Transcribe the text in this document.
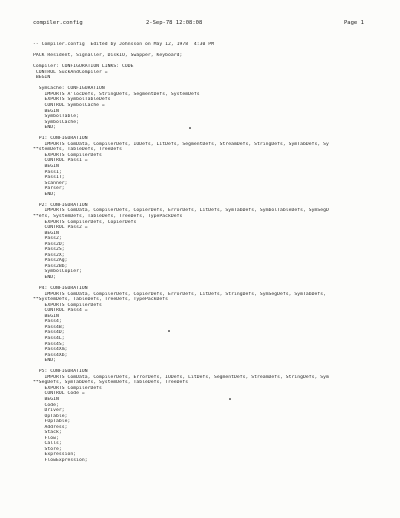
compiler.config	2-Sep-78 12:08:08	Page 1
-- Compiler.config  Edited by Johnsson on May 12, 1978  4:30 PM

PACK Resident, Signaller, DiskIO, Swapper, Keyboard;

Compiler: CONFIGURATION LINKS: CODE
CONTROL SuckAndCompiler =
BEGIN

SymCache: CONFIGURATION
IMPORTS A'locDefs, StringDefs, SegmentDefs, SystemDefs
EXPORTS SymbolTableDefs
CONTROL SymbolCache =
BEGIN
SymbolTable;
SymbolCache;
END;

P1: CONFIGURATION
IMPORTS ComData, CompilerDefs, IODefs, LitDefs, SegmentDefs, StreamDefs, StringDefs, SymTabDefs, Sy
**stemDefs, TableDefs, TreeDefs
EXPORTS CompilerDefs
CONTROL Pass1 =
BEGIN
Pass1;
Pass1T;
Scanner;
Parser;
END;

P2: CONFIGURATION
IMPORTS ComData, CompilerDefs, CopierDefs, ErrorDefs, LitDefs, SymTabDefs, SymbolTableDefs, SymSegD
**efs, SystemDefs, TableDefs, TreeDefs, TypePackDefs
EXPORTS CompilerDefs, CopierDefs
CONTROL Pass2 =
BEGIN
Pass2;
Pass2D;
Pass2S;
Pass2X;
Pass2Ag;
Pass2Bb;
SymbolCopier;
END;

P4: CONFIGURATION
IMPORTS ComData, CompilerDefs, CopierDefs, ErrorDefs, LitDefs, StringDefs, SymSegDefs, SymTabDefs,
**SystemDefs, TableDefs, TreeDefs, TypePackDefs
EXPORTS CompilerDefs
CONTROL Pass4 =
BEGIN
Pass4;
Pass4B;
Pass4D;
Pass4L;
Pass4S;
Pass4Xm;
Pass4Xb;
END;

P5: CONFIGURATION
IMPORTS ComData, CompilerDefs, ErrorDefs, IODefs, LitDefs, SegmentDefs, StreamDefs, StringDefs, Sym
**SegDefs, SymTabDefs, SystemDefs, TableDefs, TreeDefs
EXPORTS CompilerDefs
CONTROL Code =
BEGIN
Code;
Driver;
OpTable;
FOpTable;
Address;
Stack;
Flow;
Calls;
Store;
Expression;
FlowExpression;
